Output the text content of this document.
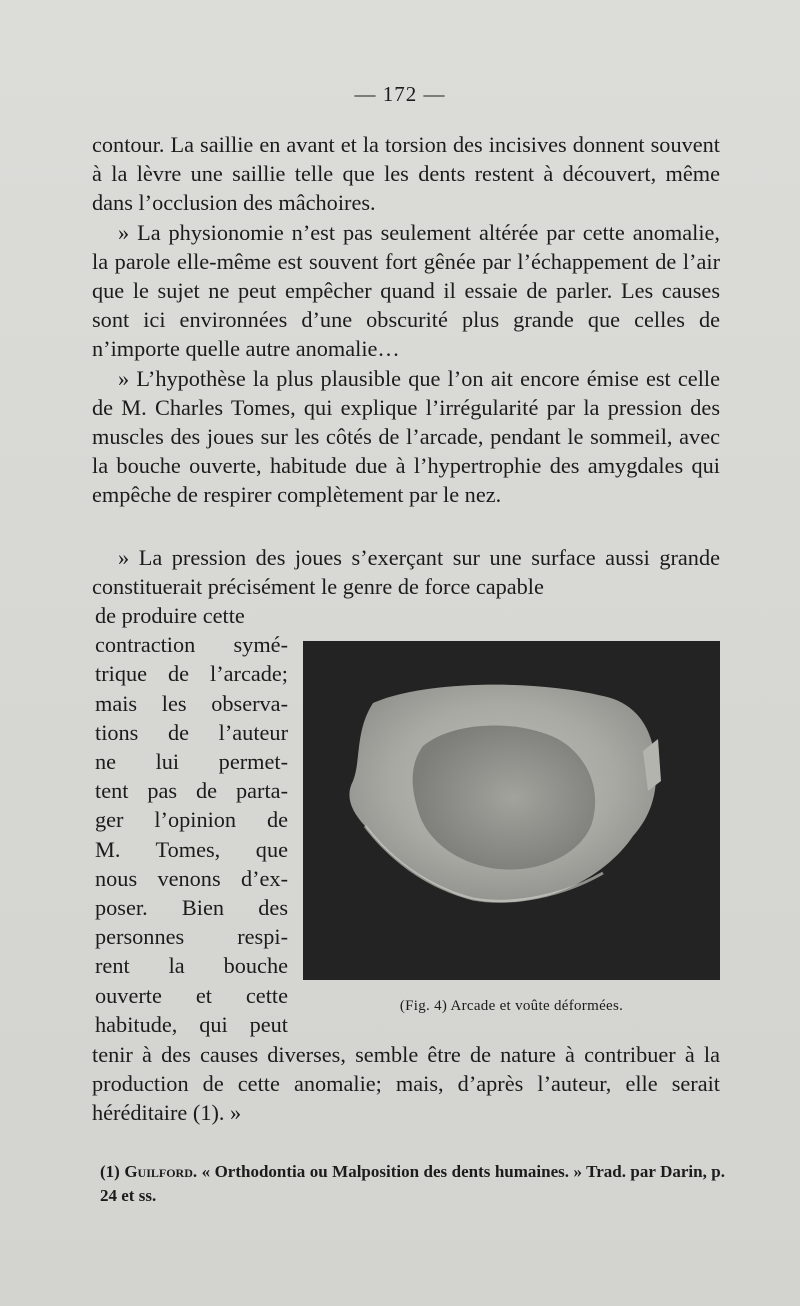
— 172 —

contour. La saillie en avant et la torsion des incisives donnent souvent à la lèvre une saillie telle que les dents restent à découvert, même dans l’occlusion des mâchoires.

» La physionomie n’est pas seulement altérée par cette anomalie, la parole elle-même est souvent fort gênée par l’échappement de l’air que le sujet ne peut empêcher quand il essaie de parler. Les causes sont ici environnées d’une obscurité plus grande que celles de n’importe quelle autre anomalie…

» L’hypothèse la plus plausible que l’on ait encore émise est celle de M. Charles Tomes, qui explique l’irrégularité par la pression des muscles des joues sur les côtés de l’arcade, pendant le sommeil, avec la bouche ouverte, habitude due à l’hypertrophie des amygdales qui empêche de respirer complètement par le nez.

» La pression des joues s’exerçant sur une surface aussi grande constituerait précisément le genre de force capable

de produire cette
contraction symé-
trique de l’arcade;
mais les observa-
tions de l’auteur
ne lui permet-
tent pas de parta-
ger l’opinion de
M. Tomes, que
nous venons d’ex-
poser. Bien des
personnes respi-
rent la bouche
ouverte et cette
habitude, qui peut
(Fig. 4) Arcade et voûte déformées.

tenir à des causes diverses, semble être de nature à contribuer à la production de cette anomalie; mais, d’après l’auteur, elle serait héréditaire (1). »

(1) Guilford. « Orthodontia ou Malposition des dents humaines. » Trad. par Darin, p. 24 et ss.
